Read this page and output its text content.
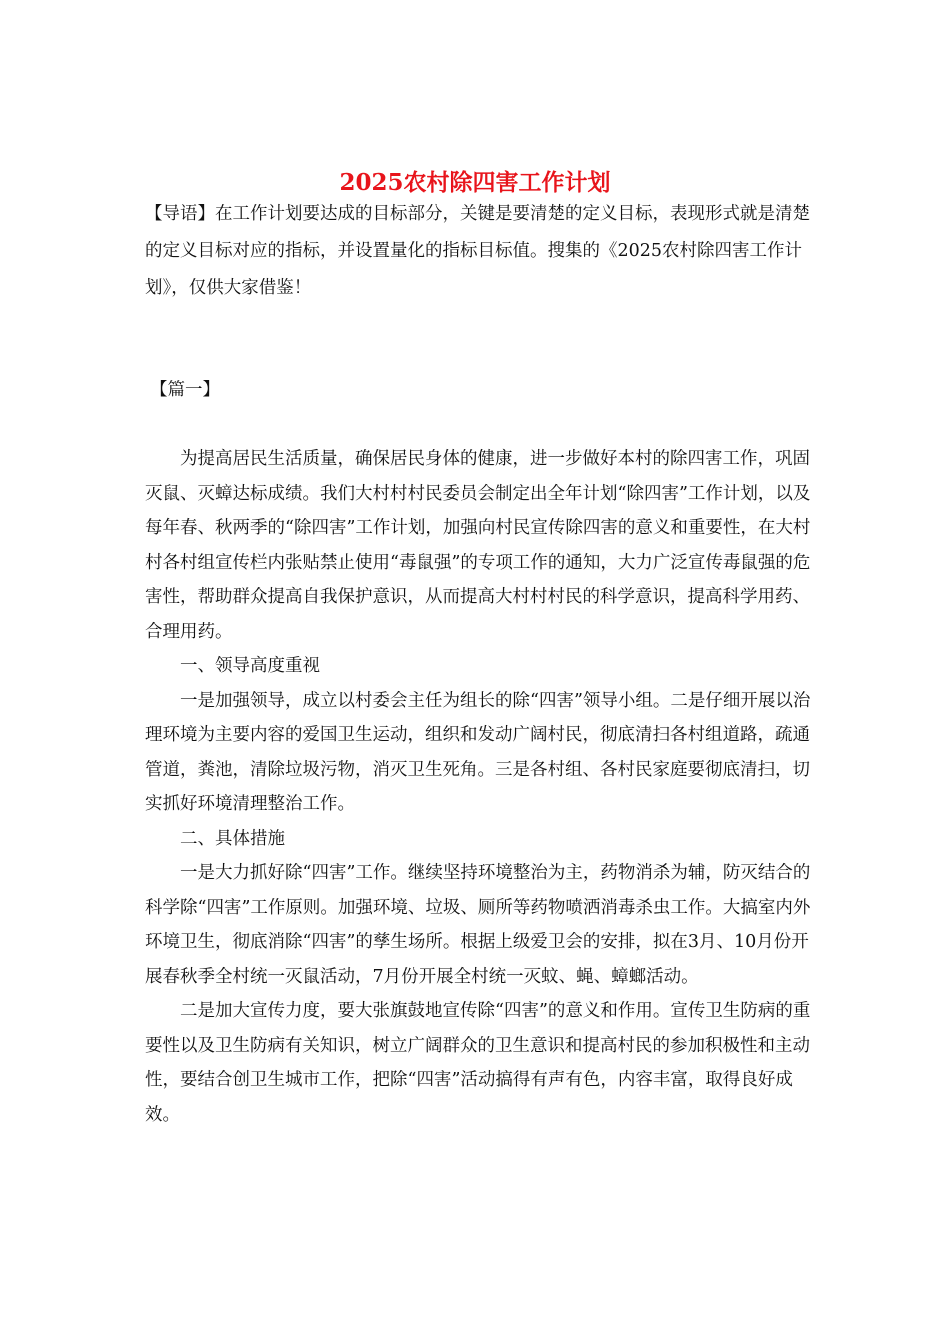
2025农村除四害工作计划

【导语】在工作计划要达成的目标部分，关键是要清楚的定义目标，表现形式就是清楚的定义目标对应的指标，并设置量化的指标目标值。搜集的《2025农村除四害工作计划》，仅供大家借鉴！

【篇一】

为提高居民生活质量，确保居民身体的健康，进一步做好本村的除四害工作，巩固灭鼠、灭蟑达标成绩。我们大村村村民委员会制定出全年计划“除四害”工作计划，以及每年春、秋两季的“除四害”工作计划，加强向村民宣传除四害的意义和重要性，在大村村各村组宣传栏内张贴禁止使用“毒鼠强”的专项工作的通知，大力广泛宣传毒鼠强的危害性，帮助群众提高自我保护意识，从而提高大村村村民的科学意识，提高科学用药、合理用药。

一、领导高度重视

一是加强领导，成立以村委会主任为组长的除“四害”领导小组。二是仔细开展以治理环境为主要内容的爱国卫生运动，组织和发动广阔村民，彻底清扫各村组道路，疏通管道，粪池，清除垃圾污物，消灭卫生死角。三是各村组、各村民家庭要彻底清扫，切实抓好环境清理整治工作。

二、具体措施

一是大力抓好除“四害”工作。继续坚持环境整治为主，药物消杀为辅，防灭结合的科学除“四害”工作原则。加强环境、垃圾、厕所等药物喷洒消毒杀虫工作。大搞室内外环境卫生，彻底消除“四害”的孳生场所。根据上级爱卫会的安排，拟在3月、10月份开展春秋季全村统一灭鼠活动，7月份开展全村统一灭蚊、蝇、蟑螂活动。

二是加大宣传力度，要大张旗鼓地宣传除“四害”的意义和作用。宣传卫生防病的重要性以及卫生防病有关知识，树立广阔群众的卫生意识和提高村民的参加积极性和主动性，要结合创卫生城市工作，把除“四害”活动搞得有声有色，内容丰富，取得良好成效。
